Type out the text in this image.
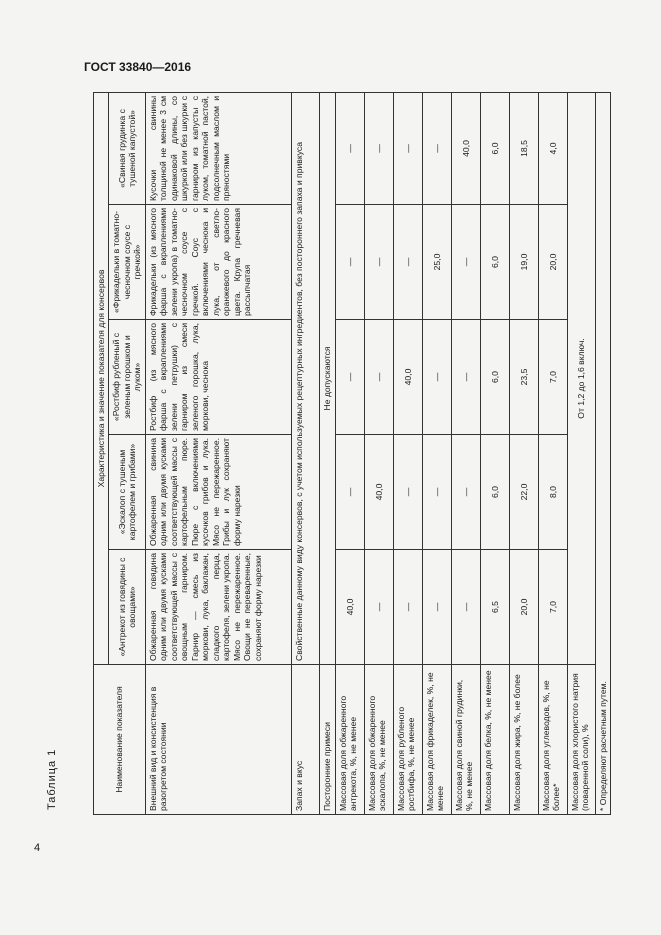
ГОСТ 33840—2016
4
Таблица 1	Наименование показателя	Характеристика и значение показателя для консервов				
	«Антрекот из говядины с овощами»	«Эскалоп с тушеным картофелем и грибами»	«Ростбиф рубленый с зеленым горошком и луком»	«Фрикадельки в томатно-чесночном соусе с гречкой»	«Свиная грудинка с тушеной капустой»
Внешний вид и консистенция в разогретом состоянии	Обжаренная говядина одним или двумя кусками соответствующей массы с овощным гарниром. Гарнир — смесь из моркови, лука, баклажан, сладкого перца, картофеля, зелени укропа. Мясо не пережаренное. Овощи не переваренные, сохраняют форму нарезки	Обжаренная свинина одним или двумя кусками соответствующей массы с картофельным пюре. Пюре с включениями кусочков грибов и лука. Мясо не пережаренное. Грибы и лук сохраняют форму нарезки	Ростбиф (из мясного фарша с вкраплениями зелени петрушки) с гарниром из смеси зеленого горошка, лука, моркови, чеснока	Фрикадельки (из мясного фарша с вкраплениями зелени укропа) в томатно-чесночном соусе с гречкой. Соус с включениями чеснока и лука, от светло-оранжевого до красного цвета. Крупа гречневая рассыпчатая	Кусочки свинины толщиной не менее 3 см одинаковой длины, со шкуркой или без шкурки с гарниром из капусты с луком, томатной пастой, подсолнечным маслом и пряностями
Запах и вкус	Свойственные данному виду консервов, с учетом используемых рецептурных ингредиентов, без постороннего запаха и привкуса				
Посторонние примеси	Не допускаются				
Массовая доля обжаренного антрекота, %, не менее	40,0	—	—	—	—
Массовая доля обжаренного эскалопа, %, не менее	—	40,0	—	—	—
Массовая доля рубленого ростбифа, %, не менее	—	—	40,0	—	—
Массовая доля фрикаделек, %, не менее	—	—	—	25,0	—
Массовая доля свиной грудинки, %, не менее	—	—	—	—	40,0
Массовая доля белка, %, не менее	6,5	6,0	6,0	6,0	6,0
Массовая доля жира, %, не более	20,0	22,0	23,5	19,0	18,5
Массовая доля углеводов, %, не более*	7,0	8,0	7,0	20,0	4,0
Массовая доля хлористого натрия (поваренной соли), %	От 1,2 до 1,6 включ.				
* Определяют расчетным путем.					
